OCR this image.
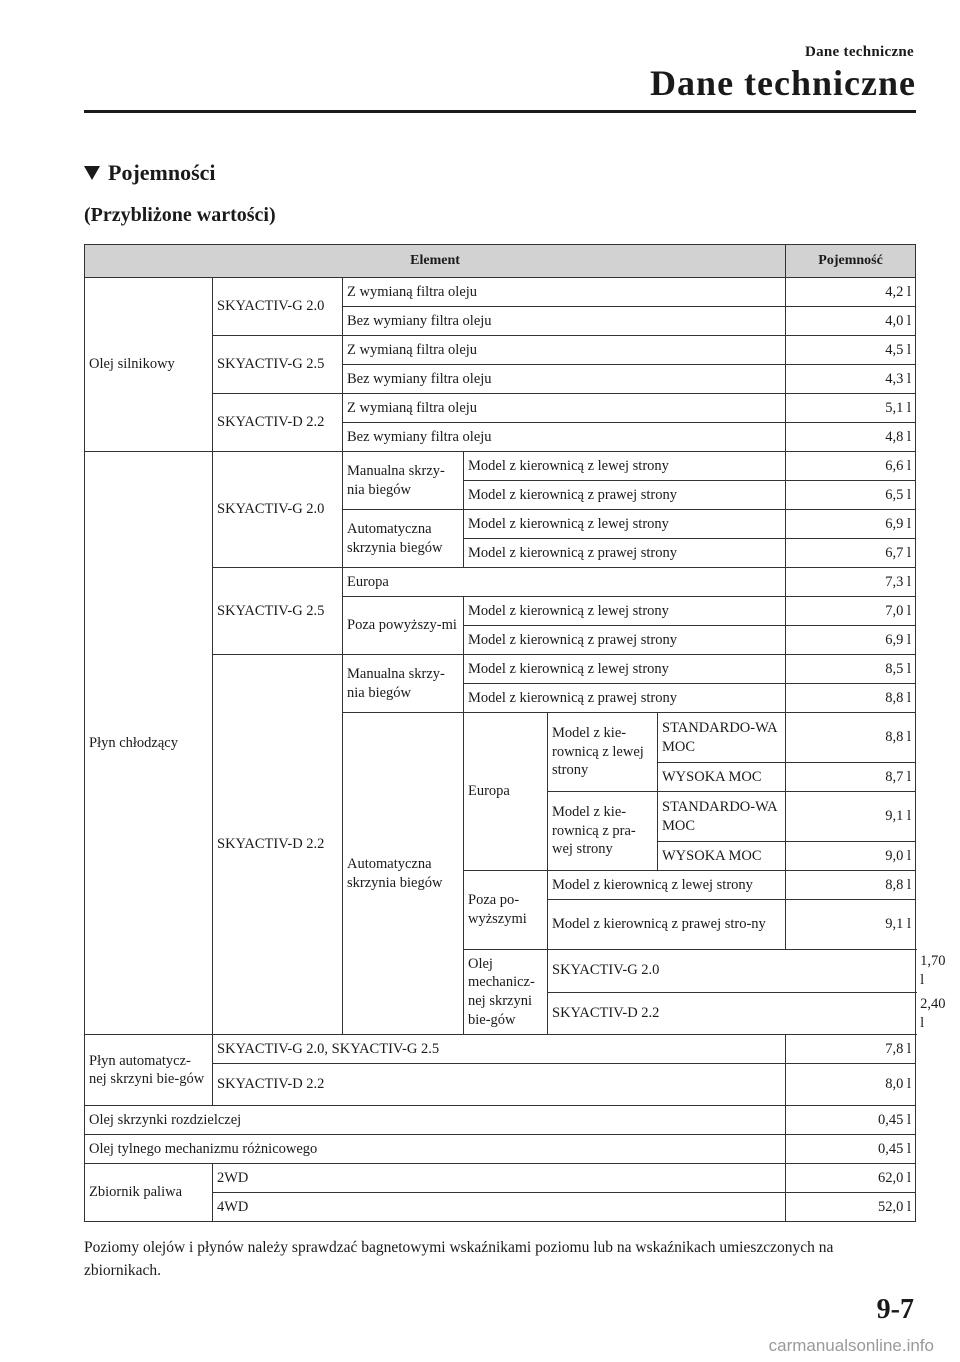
Dane techniczne
Dane techniczne
Pojemności
(Przybliżone wartości)
Element						Pojemność	
Olej silnikowy	SKYACTIV-G 2.0	Z wymianą filtra oleju				4,2 l	
		Bez wymiany filtra oleju				4,0 l	
	SKYACTIV-G 2.5	Z wymianą filtra oleju				4,5 l	
		Bez wymiany filtra oleju				4,3 l	
	SKYACTIV-D 2.2	Z wymianą filtra oleju				5,1 l	
		Bez wymiany filtra oleju				4,8 l	
Płyn chłodzący	SKYACTIV-G 2.0	Manualna skrzy-nia biegów	Model z kierownicą z lewej strony			6,6 l	
			Model z kierownicą z prawej strony			6,5 l	
		Automatyczna skrzynia biegów	Model z kierownicą z lewej strony			6,9 l	
			Model z kierownicą z prawej strony			6,7 l	
	SKYACTIV-G 2.5	Europa				7,3 l	
		Poza powyższy-mi	Model z kierownicą z lewej strony			7,0 l	
			Model z kierownicą z prawej strony			6,9 l	
	SKYACTIV-D 2.2	Manualna skrzy-nia biegów	Model z kierownicą z lewej strony			8,5 l	
			Model z kierownicą z prawej strony			8,8 l	
		Automatyczna skrzynia biegów	Europa	Model z kie-rownicą z lewej strony	STANDARDO-WA MOC	8,8 l	
					WYSOKA MOC	8,7 l	
				Model z kie-rownicą z pra-wej strony	STANDARDO-WA MOC	9,1 l	
					WYSOKA MOC	9,0 l	
			Poza po-wyższymi	Model z kierownicą z lewej strony		8,8 l	
				Model z kierownicą z prawej stro-ny		9,1 l	
			Olej mechanicz-nej skrzyni bie-gów	SKYACTIV-G 2.0			1,70 l
				SKYACTIV-D 2.2			2,40 l
Płyn automatycz-nej skrzyni bie-gów	SKYACTIV-G 2.0, SKYACTIV-G 2.5					7,8 l	
	SKYACTIV-D 2.2					8,0 l	
Olej skrzynki rozdzielczej						0,45 l	
Olej tylnego mechanizmu różnicowego						0,45 l	
Zbiornik paliwa	2WD					62,0 l	
	4WD					52,0 l	
Poziomy olejów i płynów należy sprawdzać bagnetowymi wskaźnikami poziomu lub na wskaźnikach umieszczonych na zbiornikach.
9-7
carmanualsonline.info
